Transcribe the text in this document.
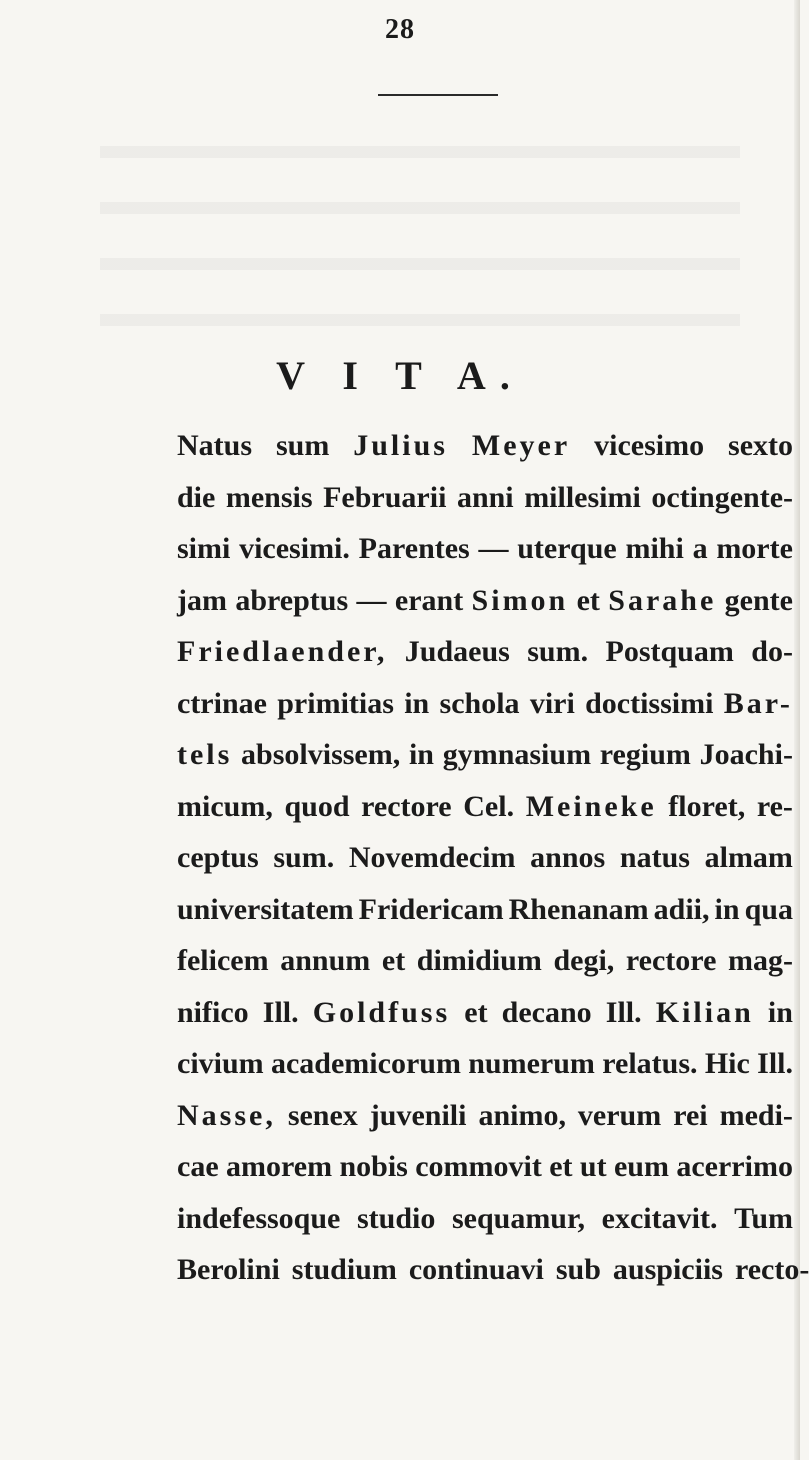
28
V I T A.
Natus sum Julius Meyer vicesimo sexto
die mensis Februarii anni millesimi octingente-
simi vicesimi. Parentes — uterque mihi a morte
jam abreptus — erant Simon et Sarahe gente
Friedlaender, Judaeus sum. Postquam do-
ctrinae primitias in schola viri doctissimi Bar-
tels absolvissem, in gymnasium regium Joachi-
micum, quod rectore Cel. Meineke floret, re-
ceptus sum. Novemdecim annos natus almam
universitatem Fridericam Rhenanam adii, in qua
felicem annum et dimidium degi, rectore mag-
nifico Ill. Goldfuss et decano Ill. Kilian in
civium academicorum numerum relatus. Hic Ill.
Nasse, senex juvenili animo, verum rei medi-
cae amorem nobis commovit et ut eum acerrimo
indefessoque studio sequamur, excitavit. Tum
Berolini studium continuavi sub auspiciis recto-
